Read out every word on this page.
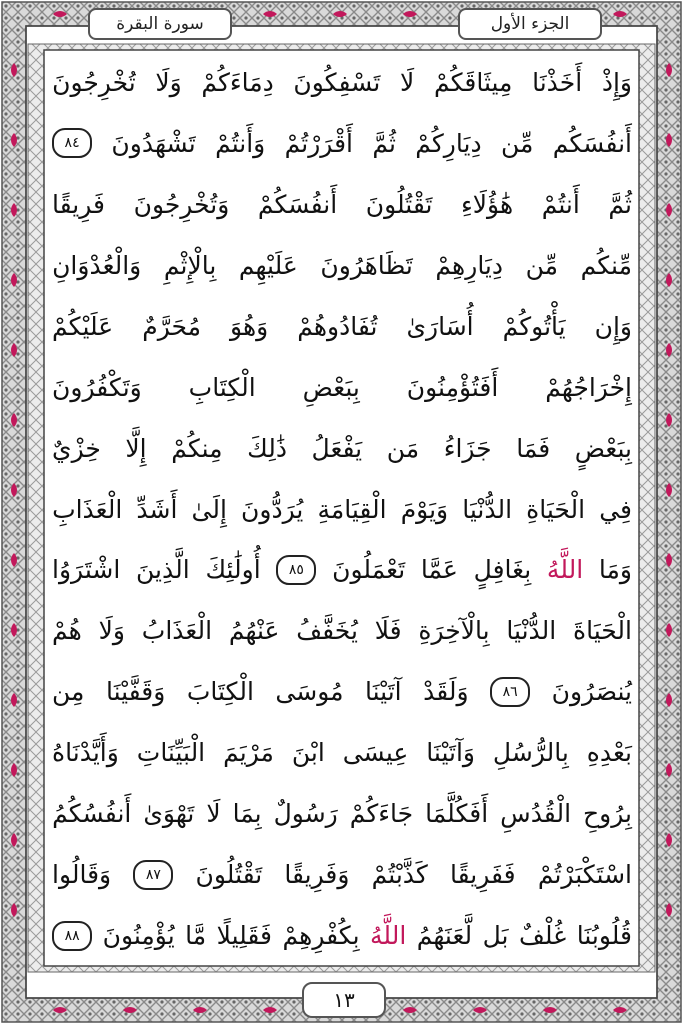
الجزء الأول
سورة البقرة
وَإِذْ
أَخَذْنَا
مِيثَاقَكُمْ
لَا
تَسْفِكُونَ
دِمَاءَكُمْ
وَلَا
تُخْرِجُونَ
أَنفُسَكُم
مِّن
دِيَارِكُمْ
ثُمَّ
أَقْرَرْتُمْ
وَأَنتُمْ
تَشْهَدُونَ
٨٤
ثُمَّ
أَنتُمْ
هَٰؤُلَاءِ
تَقْتُلُونَ
أَنفُسَكُمْ
وَتُخْرِجُونَ
فَرِيقًا
مِّنكُم
مِّن
دِيَارِهِمْ
تَظَاهَرُونَ
عَلَيْهِم
بِالْإِثْمِ
وَالْعُدْوَانِ
وَإِن
يَأْتُوكُمْ
أُسَارَىٰ
تُفَادُوهُمْ
وَهُوَ
مُحَرَّمٌ
عَلَيْكُمْ
إِخْرَاجُهُمْ
أَفَتُؤْمِنُونَ
بِبَعْضِ
الْكِتَابِ
وَتَكْفُرُونَ
بِبَعْضٍ
فَمَا
جَزَاءُ
مَن
يَفْعَلُ
ذَٰلِكَ
مِنكُمْ
إِلَّا
خِزْيٌ
فِي
الْحَيَاةِ
الدُّنْيَا
وَيَوْمَ
الْقِيَامَةِ
يُرَدُّونَ
إِلَىٰ
أَشَدِّ
الْعَذَابِ
وَمَا
اللَّهُ
بِغَافِلٍ
عَمَّا
تَعْمَلُونَ
٨٥
أُولَٰئِكَ
الَّذِينَ
اشْتَرَوُا
الْحَيَاةَ
الدُّنْيَا
بِالْآخِرَةِ
فَلَا
يُخَفَّفُ
عَنْهُمُ
الْعَذَابُ
وَلَا
هُمْ
يُنصَرُونَ
٨٦
وَلَقَدْ
آتَيْنَا
مُوسَى
الْكِتَابَ
وَقَفَّيْنَا
مِن
بَعْدِهِ
بِالرُّسُلِ
وَآتَيْنَا
عِيسَى
ابْنَ
مَرْيَمَ
الْبَيِّنَاتِ
وَأَيَّدْنَاهُ
بِرُوحِ
الْقُدُسِ
أَفَكُلَّمَا
جَاءَكُمْ
رَسُولٌ
بِمَا
لَا
تَهْوَىٰ
أَنفُسُكُمُ
اسْتَكْبَرْتُمْ
فَفَرِيقًا
كَذَّبْتُمْ
وَفَرِيقًا
تَقْتُلُونَ
٨٧
وَقَالُوا
قُلُوبُنَا
غُلْفٌ
بَل
لَّعَنَهُمُ
اللَّهُ
بِكُفْرِهِمْ
فَقَلِيلًا
مَّا
يُؤْمِنُونَ
٨٨
١٣
